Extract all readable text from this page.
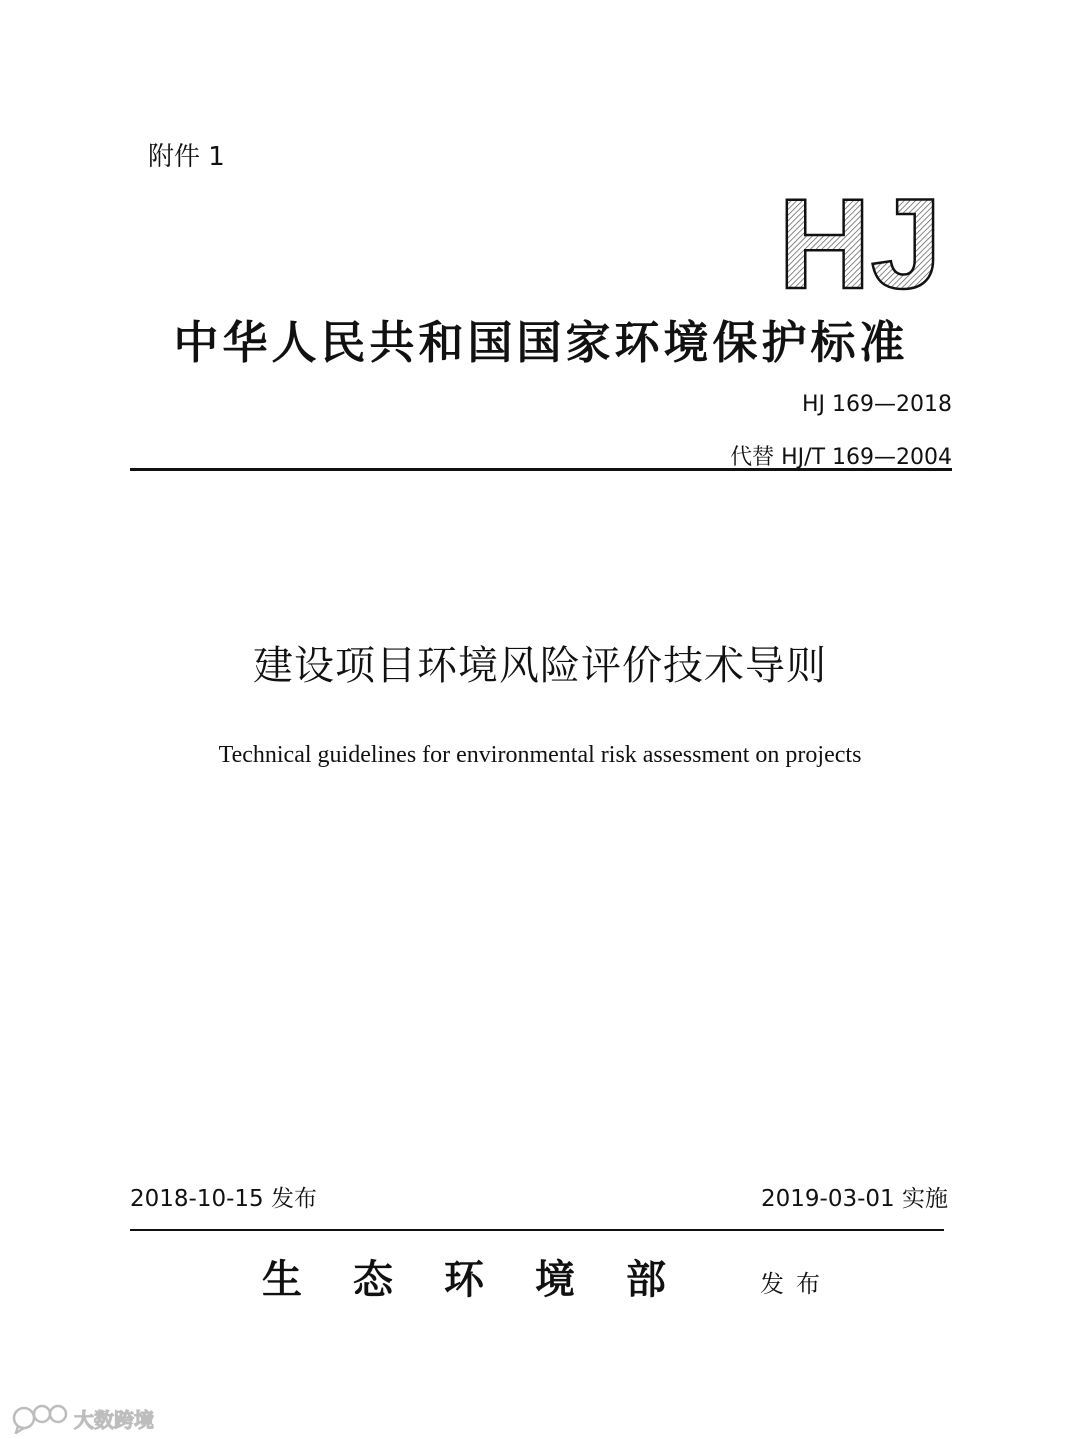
附件 1
HJ
中华人民共和国国家环境保护标准
HJ 169—2018
代替 HJ/T 169—2004
建设项目环境风险评价技术导则
Technical guidelines for environmental risk assessment on projects
2018-10-15 发布	2019-03-01 实施
生态环境部 发布
大数跨境
